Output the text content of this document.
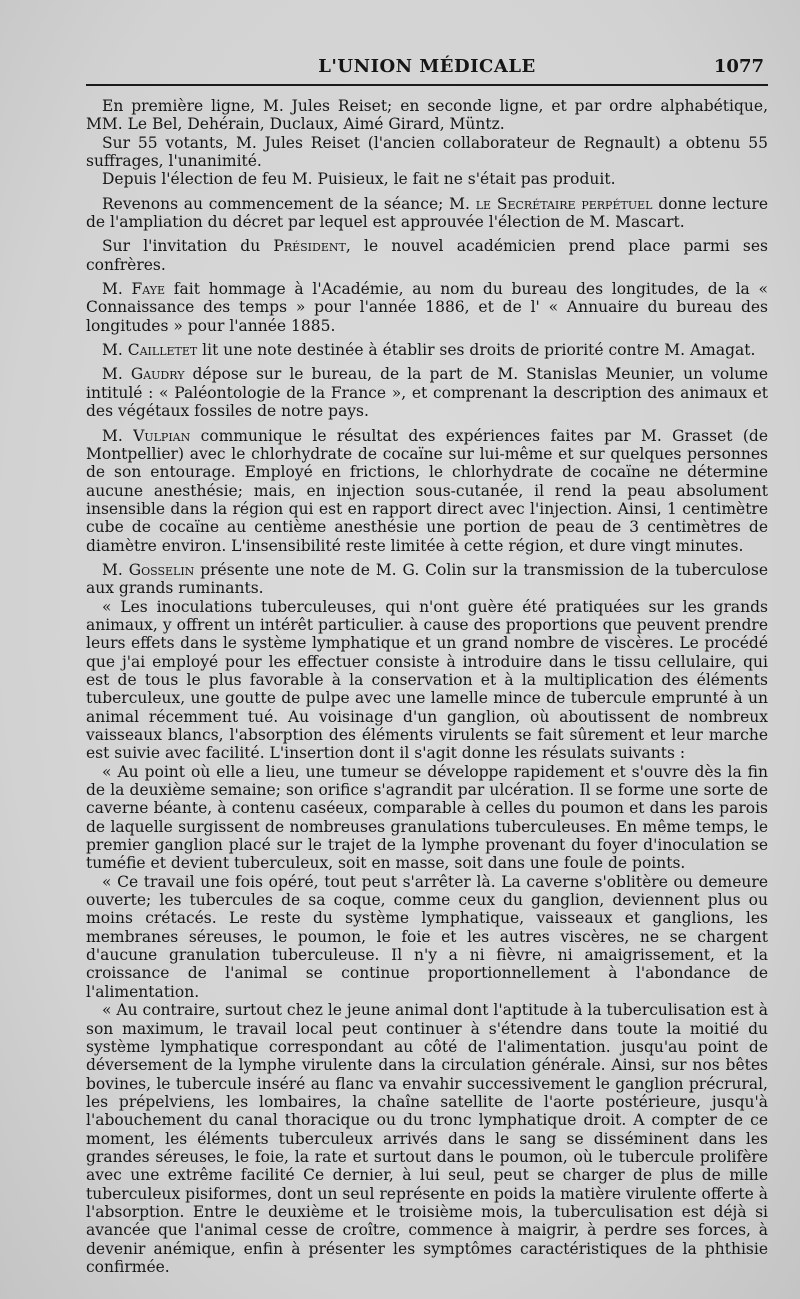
L'UNION MÉDICALE	1077

En première ligne, M. Jules Reiset; en seconde ligne, et par ordre alphabétique, MM. Le Bel, Dehérain, Duclaux, Aimé Girard, Müntz.

Sur 55 votants, M. Jules Reiset (l'ancien collaborateur de Regnault) a obtenu 55 suffrages, l'unanimité.

Depuis l'élection de feu M. Puisieux, le fait ne s'était pas produit.

Revenons au commencement de la séance; M. le Secrétaire perpétuel donne lecture de l'ampliation du décret par lequel est approuvée l'élection de M. Mascart.

Sur l'invitation du Président, le nouvel académicien prend place parmi ses confrères.

M. Faye fait hommage à l'Académie, au nom du bureau des longitudes, de la « Connaissance des temps » pour l'année 1886, et de l' « Annuaire du bureau des longitudes » pour l'année 1885.

M. Cailletet lit une note destinée à établir ses droits de priorité contre M. Amagat.

M. Gaudry dépose sur le bureau, de la part de M. Stanislas Meunier, un volume intitulé : « Paléontologie de la France », et comprenant la description des animaux et des végétaux fossiles de notre pays.

M. Vulpian communique le résultat des expériences faites par M. Grasset (de Montpellier) avec le chlorhydrate de cocaïne sur lui-même et sur quelques personnes de son entourage. Employé en frictions, le chlorhydrate de cocaïne ne détermine aucune anesthésie; mais, en injection sous-cutanée, il rend la peau absolument insensible dans la région qui est en rapport direct avec l'injection. Ainsi, 1 centimètre cube de cocaïne au centième anesthésie une portion de peau de 3 centimètres de diamètre environ. L'insensibilité reste limitée à cette région, et dure vingt minutes.

M. Gosselin présente une note de M. G. Colin sur la transmission de la tuberculose aux grands ruminants.

« Les inoculations tuberculeuses, qui n'ont guère été pratiquées sur les grands animaux, y offrent un intérêt particulier. à cause des proportions que peuvent prendre leurs effets dans le système lymphatique et un grand nombre de viscères. Le procédé que j'ai employé pour les effectuer consiste à introduire dans le tissu cellulaire, qui est de tous le plus favorable à la conservation et à la multiplication des éléments tuberculeux, une goutte de pulpe avec une lamelle mince de tubercule emprunté à un animal récemment tué. Au voisinage d'un ganglion, où aboutissent de nombreux vaisseaux blancs, l'absorption des éléments virulents se fait sûrement et leur marche est suivie avec facilité. L'insertion dont il s'agit donne les résulats suivants :

« Au point où elle a lieu, une tumeur se développe rapidement et s'ouvre dès la fin de la deuxième semaine; son orifice s'agrandit par ulcération. Il se forme une sorte de caverne béante, à contenu caséeux, comparable à celles du poumon et dans les parois de laquelle surgissent de nombreuses granulations tuberculeuses. En même temps, le premier ganglion placé sur le trajet de la lymphe provenant du foyer d'inoculation se tuméfie et devient tuberculeux, soit en masse, soit dans une foule de points.

« Ce travail une fois opéré, tout peut s'arrêter là. La caverne s'oblitère ou demeure ouverte; les tubercules de sa coque, comme ceux du ganglion, deviennent plus ou moins crétacés. Le reste du système lymphatique, vaisseaux et ganglions, les membranes séreuses, le poumon, le foie et les autres viscères, ne se chargent d'aucune granulation tuberculeuse. Il n'y a ni fièvre, ni amaigrissement, et la croissance de l'animal se continue proportionnellement à l'abondance de l'alimentation.

« Au contraire, surtout chez le jeune animal dont l'aptitude à la tuberculisation est à son maximum, le travail local peut continuer à s'étendre dans toute la moitié du système lymphatique correspondant au côté de l'alimentation. jusqu'au point de déversement de la lymphe virulente dans la circulation générale. Ainsi, sur nos bêtes bovines, le tubercule inséré au flanc va envahir successivement le ganglion précrural, les prépelviens, les lombaires, la chaîne satellite de l'aorte postérieure, jusqu'à l'abouchement du canal thoracique ou du tronc lymphatique droit. A compter de ce moment, les éléments tuberculeux arrivés dans le sang se disséminent dans les grandes séreuses, le foie, la rate et surtout dans le poumon, où le tubercule prolifère avec une extrême facilité Ce dernier, à lui seul, peut se charger de plus de mille tuberculeux pisiformes, dont un seul représente en poids la matière virulente offerte à l'absorption. Entre le deuxième et le troisième mois, la tuberculisation est déjà si avancée que l'animal cesse de croître, commence à maigrir, à perdre ses forces, à devenir anémique, enfin à présenter les symptômes caractéristiques de la phthisie confirmée.
